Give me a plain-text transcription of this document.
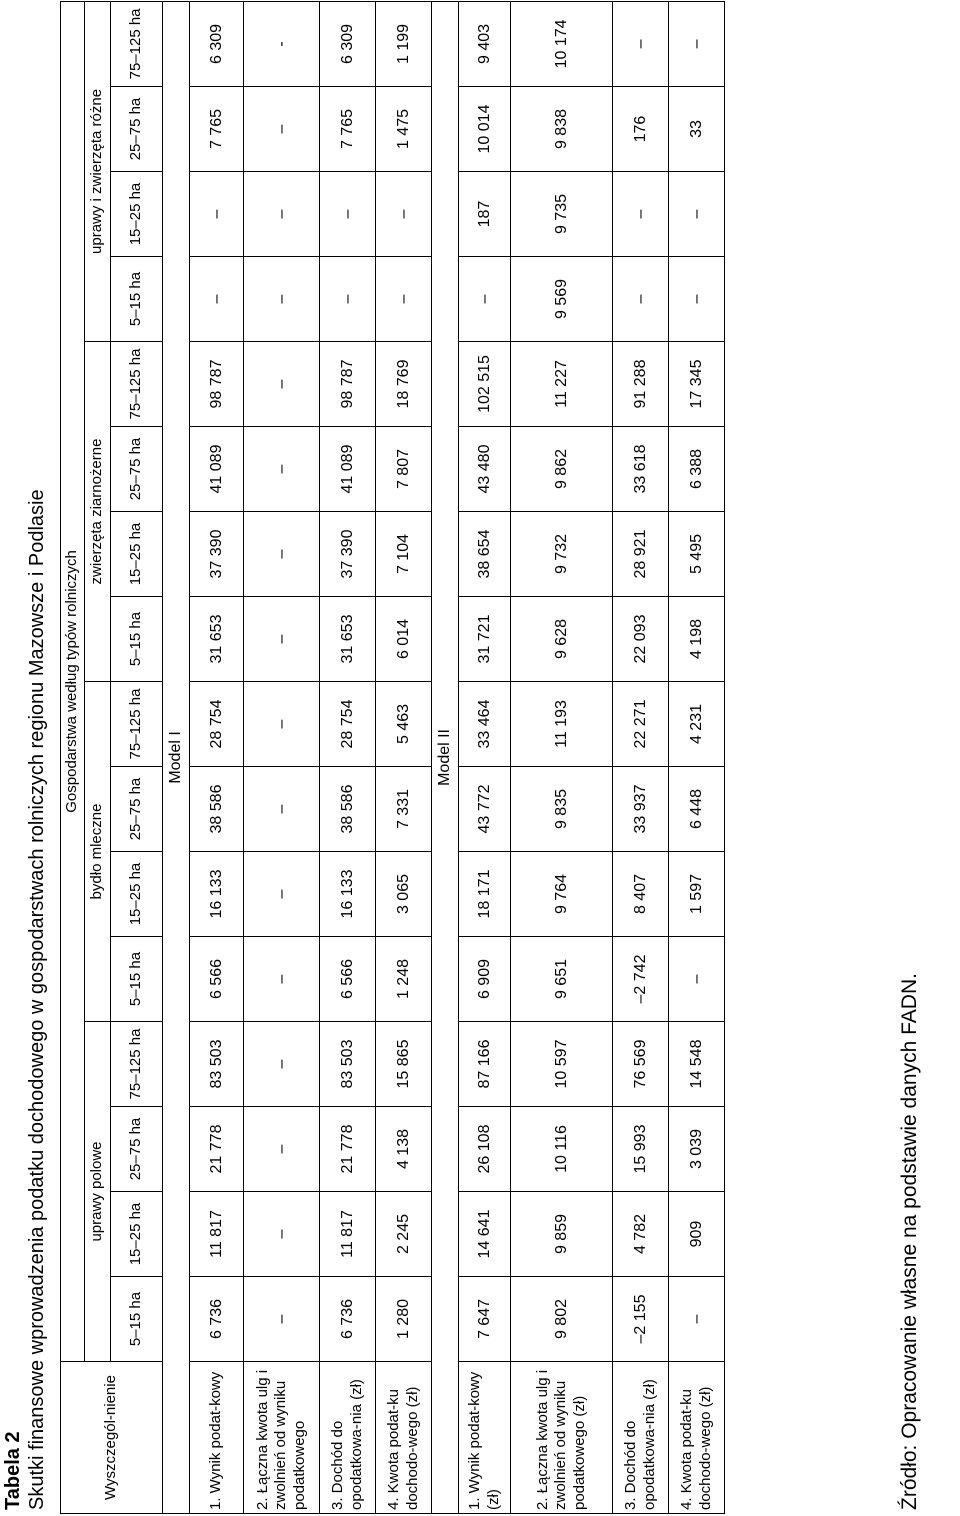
Tabela 2 Skutki finansowe wprowadzenia podatku dochodowego w gospodarstwach rolniczych regionu Mazowsze i Podlasie	Wyszczegól-nienie	Gospodarstwa według typów rolniczych															
	uprawy polowe				bydło mleczne				zwierzęta ziarnożerne				uprawy i zwierzęta różne			
	5–15 ha	15–25 ha	25–75 ha	75–125 ha	5–15 ha	15–25 ha	25–75 ha	75–125 ha	5–15 ha	15–25 ha	25–75 ha	75–125 ha	5–15 ha	15–25 ha	25–75 ha	75–125 ha
Model I																
1. Wynik podat-kowy	6 736	11 817	21 778	83 503	6 566	16 133	38 586	28 754	31 653	37 390	41 089	98 787	–	–	7 765	6 309
2. Łączna kwota ulg i zwolnień od wyniku podatkowego	–	–	–	–	–	–	–	–	–	–	–	–	–	–	–	-
3. Dochód do opodatkowa-nia (zł)	6 736	11 817	21 778	83 503	6 566	16 133	38 586	28 754	31 653	37 390	41 089	98 787	–	–	7 765	6 309
4. Kwota podat-ku dochodo-wego (zł)	1 280	2 245	4 138	15 865	1 248	3 065	7 331	5 463	6 014	7 104	7 807	18 769	–	–	1 475	1 199
Model II																
1. Wynik podat-kowy (zł)	7 647	14 641	26 108	87 166	6 909	18 171	43 772	33 464	31 721	38 654	43 480	102 515	–	187	10 014	9 403
2. Łączna kwota ulg i zwolnień od wyniku podatkowego (zł)	9 802	9 859	10 116	10 597	9 651	9 764	9 835	11 193	9 628	9 732	9 862	11 227	9 569	9 735	9 838	10 174
3. Dochód do opodatkowa-nia (zł)	–2 155	4 782	15 993	76 569	–2 742	8 407	33 937	22 271	22 093	28 921	33 618	91 288	–	–	176	–
4. Kwota podat-ku dochodo-wego (zł)	–	909	3 039	14 548	–	1 597	6 448	4 231	4 198	5 495	6 388	17 345	–	–	33	–
Źródło: Opracowanie własne na podstawie danych FADN.
